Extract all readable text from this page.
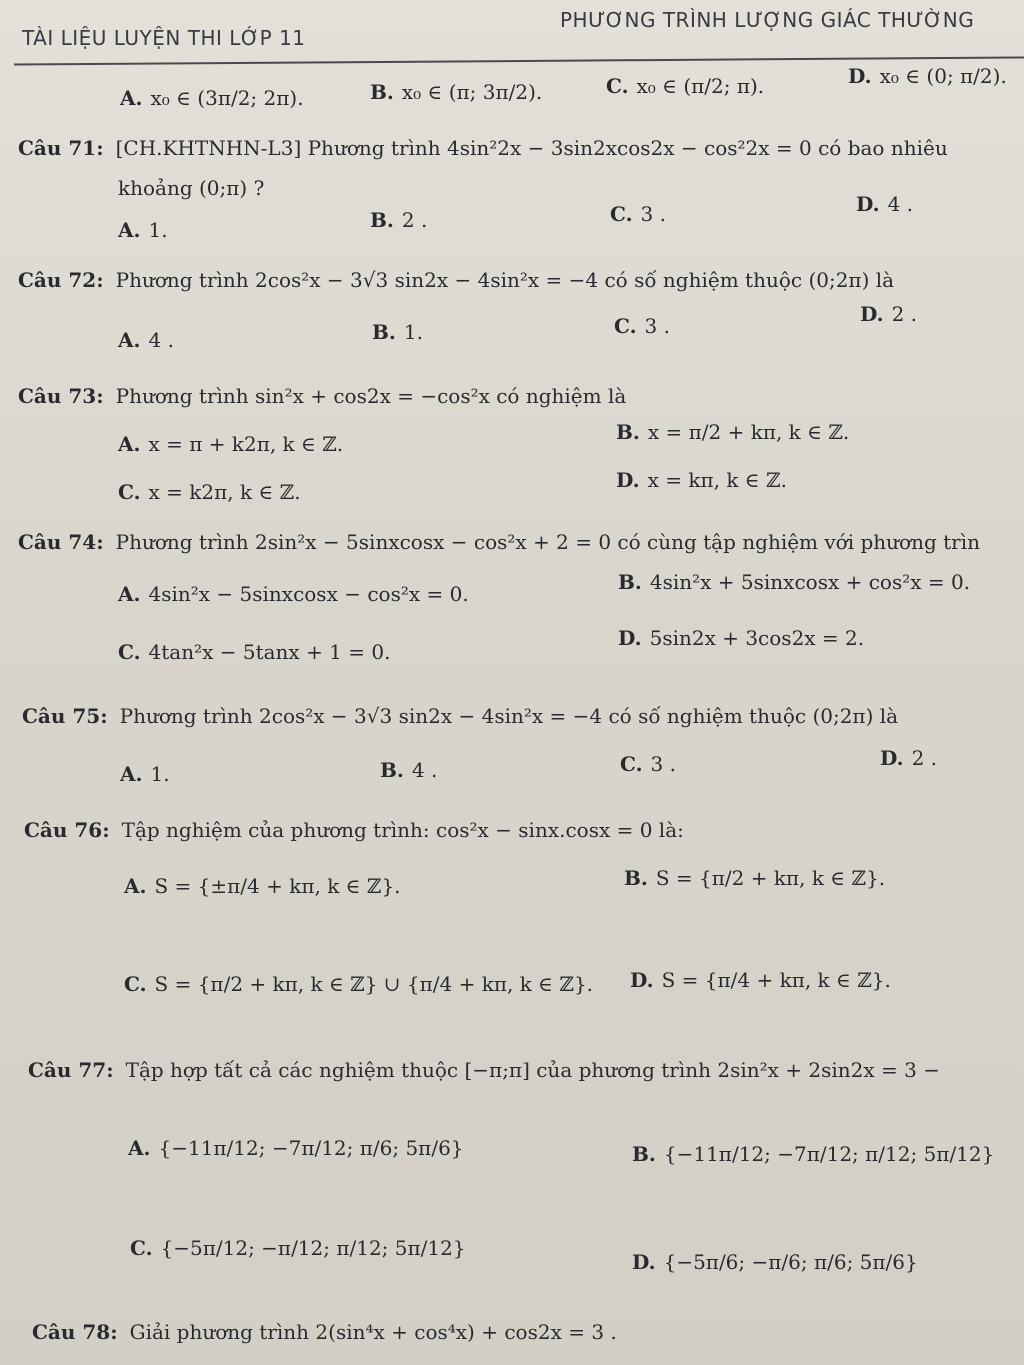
TÀI LIỆU LUYỆN THI LỚP 11
PHƯƠNG TRÌNH LƯỢNG GIÁC THƯỜNG
A. x₀ ∈ (3π/2; 2π).	B. x₀ ∈ (π; 3π/2).	C. x₀ ∈ (π/2; π).	D. x₀ ∈ (0; π/2).
Câu 71: [CH.KHTNHN-L3] Phương trình 4sin²2x − 3sin2xcos2x − cos²2x = 0 có bao nhiêu
khoảng (0;π) ?
A. 1.	B. 2 .	C. 3 .	D. 4 .
Câu 72: Phương trình 2cos²x − 3√3 sin2x − 4sin²x = −4 có số nghiệm thuộc (0;2π) là
A. 4 .	B. 1.	C. 3 .	D. 2 .
Câu 73: Phương trình sin²x + cos2x = −cos²x có nghiệm là
A. x = π + k2π, k ∈ ℤ.	B. x = π/2 + kπ, k ∈ ℤ.
C. x = k2π, k ∈ ℤ.	D. x = kπ, k ∈ ℤ.
Câu 74: Phương trình 2sin²x − 5sinxcosx − cos²x + 2 = 0 có cùng tập nghiệm với phương trìn
A. 4sin²x − 5sinxcosx − cos²x = 0.	B. 4sin²x + 5sinxcosx + cos²x = 0.
C. 4tan²x − 5tanx + 1 = 0.
D. 5sin2x + 3cos2x = 2.
Câu 75: Phương trình 2cos²x − 3√3 sin2x − 4sin²x = −4 có số nghiệm thuộc (0;2π) là
A. 1.	B. 4 .	C. 3 .	D. 2 .
Câu 76: Tập nghiệm của phương trình: cos²x − sinx.cosx = 0 là:
A. S = {±π/4 + kπ, k ∈ ℤ}.	B. S = {π/2 + kπ, k ∈ ℤ}.
C. S = {π/2 + kπ, k ∈ ℤ} ∪ {π/4 + kπ, k ∈ ℤ}. D. S = {π/4 + kπ, k ∈ ℤ}.
Câu 77: Tập hợp tất cả các nghiệm thuộc [−π;π] của phương trình 2sin²x + 2sin2x = 3 −
A. {−11π/12; −7π/12; π/6; 5π/6}	B. {−11π/12; −7π/12; π/12; 5π/12}
C. {−5π/12; −π/12; π/12; 5π/12}
D. {−5π/6; −π/6; π/6; 5π/6}
Câu 78: Giải phương trình 2(sin⁴x + cos⁴x) + cos2x = 3 .
